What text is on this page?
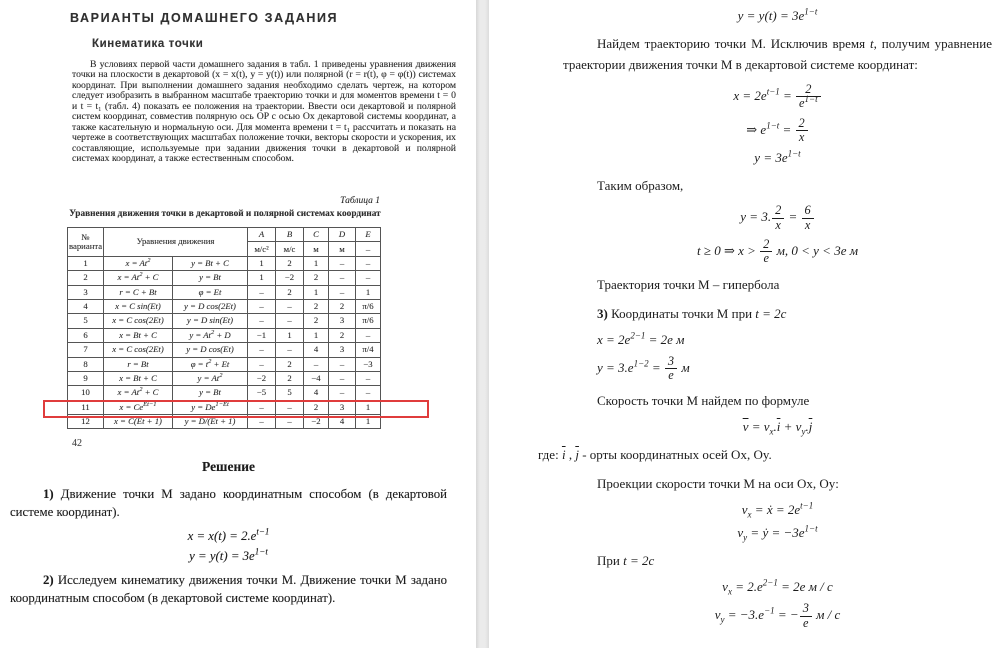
ВАРИАНТЫ ДОМАШНЕГО ЗАДАНИЯ
Кинематика точки
В условиях первой части домашнего задания в табл. 1 приведены уравнения движения точки на плоскости в декартовой (x = x(t), y = y(t)) или полярной (r = r(t), φ = φ(t)) системах координат. При выполнении домашнего задания необходимо сделать чертеж, на котором следует изобразить в выбранном масштабе траекторию точки и для моментов времени t = 0 и t = t₁ (табл. 4) показать ее положения на траектории. Ввести оси декартовой и полярной систем координат, совместив полярную ось OP с осью Ox декартовой системы координат, а также касательную и нормальную оси. Для момента времени t = t₁ рассчитать и показать на чертеже в соответствующих масштабах положение точки, векторы скорости и ускорения, их составляющие, используемые при задании движения точки в декартовой и полярной системах координат, а также естественным способом.
Таблица 1
Уравнения движения точки в декартовой и полярной системах координат
№ варианта	Уравнения движения		A	B	C	D	E
			м/с²	м/с	м	м	–
1	$x = At^2$	y = Bt + C	1	2	1	–	–
2	$x = At^2 + C$	y = Bt	1	−2	2	–	–
3	r = C + Bt	φ = Et	–	2	1	–	1
4	x = C sin(Et)	y = D cos(2Et)	–	–	2	2	π/6
5	x = C cos(2Et)	y = D sin(Et)	–	–	2	3	π/6
6	x = Bt + C	$y = At^2 + D$	−1	1	1	2	–
7	x = C cos(2Et)	y = D cos(Et)	–	–	4	3	π/4
8	r = Bt	$\varphi = t^2 + Et$	–	2	–	–	−3
9	x = Bt + C	$y = At^2$	−2	2	−4	–	–
10	$x = At^2 + C$	y = Bt	−5	5	4	–	–
11	$x = Ce^{Et-1}$	$y = De^{1-Et}$	–	–	2	3	1
12	x = C(Et + 1)	y = D/(Et + 1)	–	–	−2	4	1
42
Решение
1) Движение точки М задано координатным способом (в декартовой системе координат).
$x = x(t) = 2.e^{t-1}$
$y = y(t) = 3e^{1-t}$
2) Исследуем кинематику движения точки М. Движение точки М задано координатным способом (в декартовой системе координат).
$y = y(t) = 3e^{1-t}$
Найдем траекторию точки М. Исключив время t, получим уравнение траектории движения точки М в декартовой системе координат:
$x = 2e^{t-1} = \frac{2}{e^{1-t}}$
⇒ $e^{1-t} = \frac{2}{x}$
$y = 3e^{1-t}$
Таким образом,
y = 3. $\frac{2}{x} = \frac{6}{x}$
t ≥ 0 ⇒ $x > \frac{2}{e} м$, 0 < y < 3e м
Траектория точки М – гипербола
3) Координаты точки М при t = 2c
$x = 2e^{2-1} = 2e$ м
$y = 3.e^{1-2} = \frac{3}{e}$ м
Скорость точки М найдем по формуле
$\overline{v} = v_x.\overline{i} + v_y.\overline{j}$
где: $\overline{i}$ , $\overline{j}$ - орты координатных осей Ox, Oy.
Проекции скорости точки М на оси Ox, Oy:
$v_x$ = ẋ = $2e^{t-1}$
$v_y$ = ẏ = $-3e^{1-t}$
При t = 2c
$v_x = 2.e^{2-1} = 2e$ м / c
$v_y = -3.e^{-1}$ = − $\frac{3}{e}$ м / c
